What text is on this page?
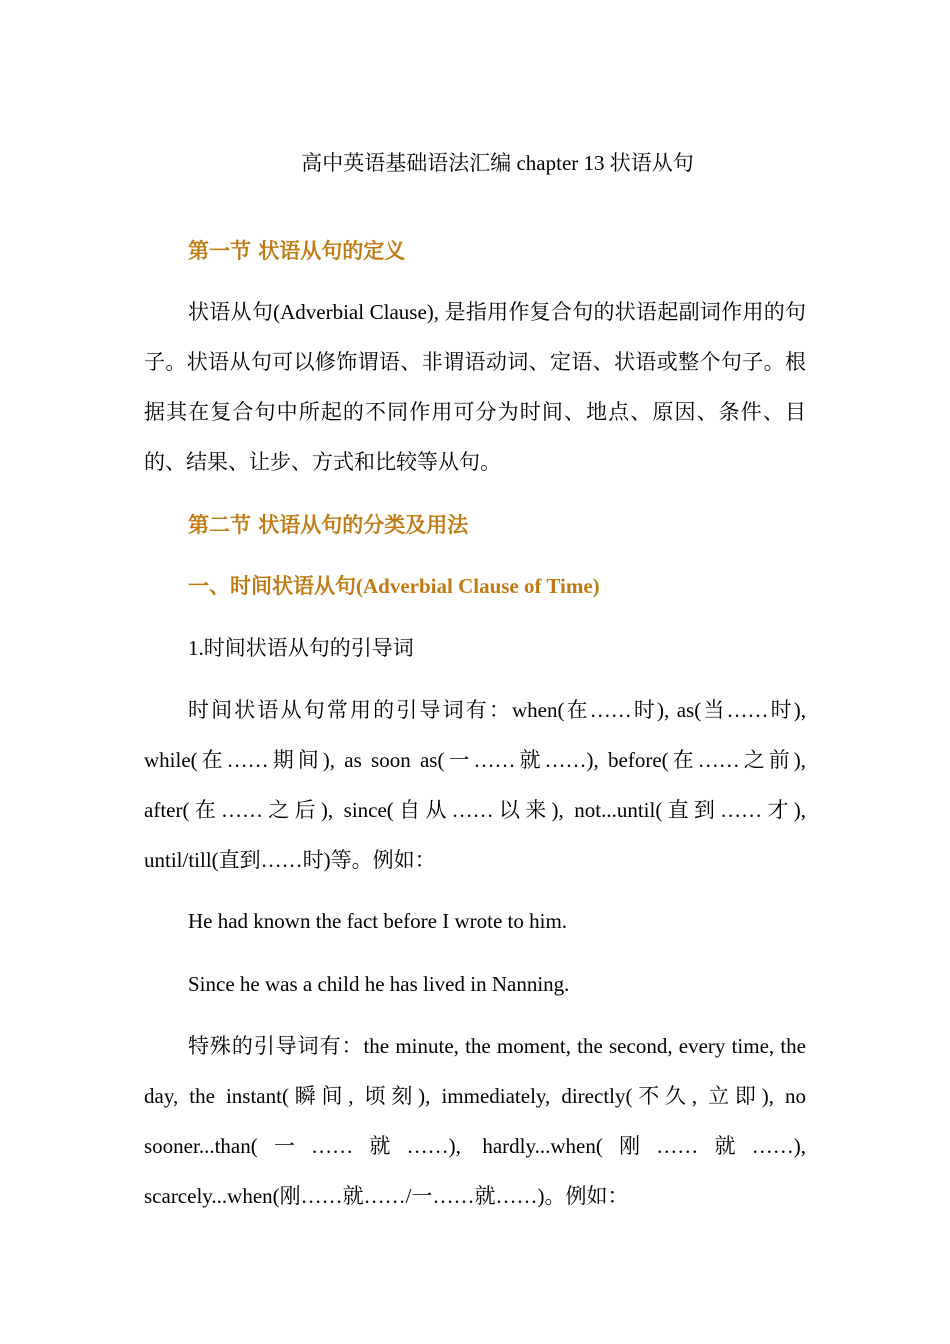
高中英语基础语法汇编 chapter 13 状语从句
第一节 状语从句的定义

状语从句(Adverbial Clause), 是指用作复合句的状语起副词作用的句子。状语从句可以修饰谓语、非谓语动词、定语、状语或整个句子。根据其在复合句中所起的不同作用可分为时间、地点、原因、条件、目的、结果、让步、方式和比较等从句。

第二节 状语从句的分类及用法
一、时间状语从句(Adverbial Clause of Time)

1.时间状语从句的引导词

时间状语从句常用的引导词有：when(在……时), as(当……时), while(在……期间), as soon as(一……就……), before(在……之前), after(在……之后), since(自从……以来), not...until(直到……才), until/till(直到……时)等。例如：

He had known the fact before I wrote to him.

Since he was a child he has lived in Nanning.

特殊的引导词有：the minute, the moment, the second, every time, the day, the instant(瞬间, 顷刻), immediately, directly(不久, 立即), no sooner...than(一……就……), hardly...when(刚……就……), scarcely...when(刚……就……/一……就……)。例如：
